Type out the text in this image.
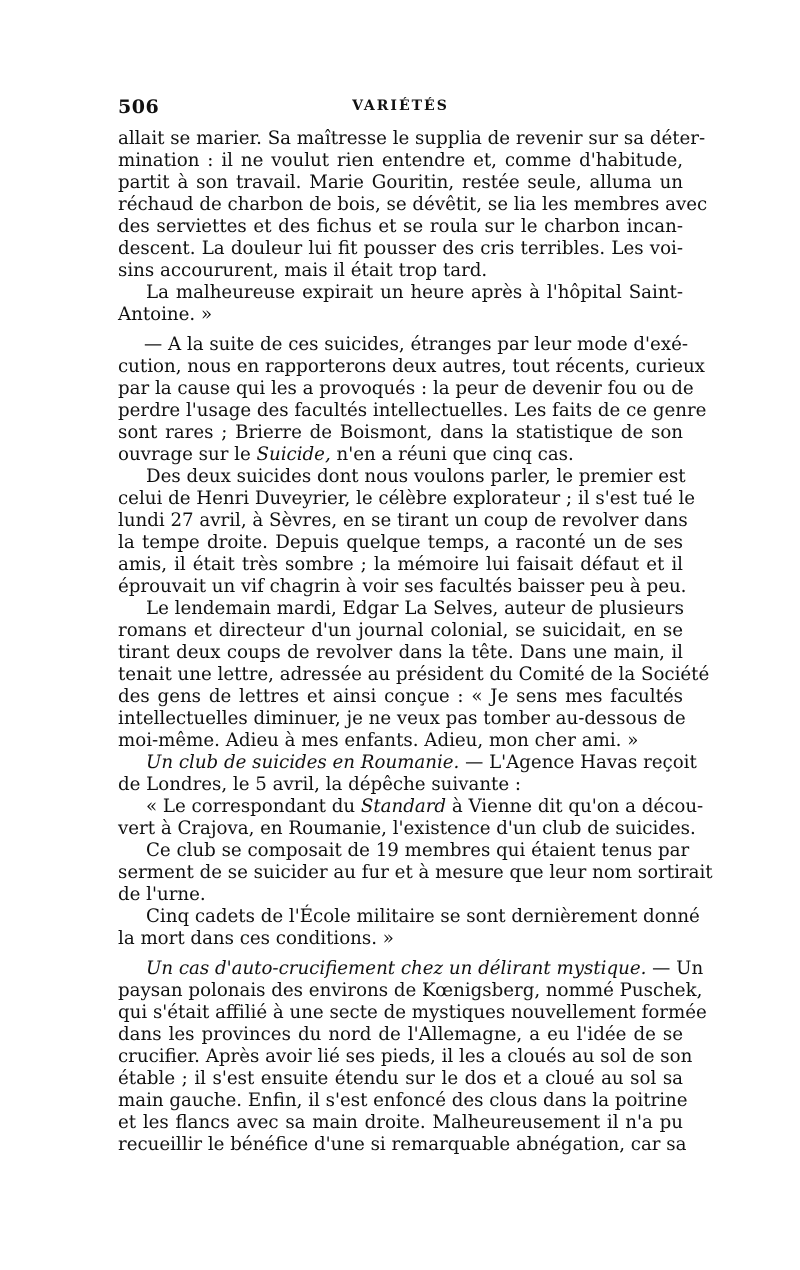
506	VARIÉTÉS
allait se marier. Sa maîtresse le supplia de revenir sur sa déter-
mination : il ne voulut rien entendre et, comme d'habitude,
partit à son travail. Marie Gouritin, restée seule, alluma un
réchaud de charbon de bois, se dévêtit, se lia les membres avec
des serviettes et des fichus et se roula sur le charbon incan-
descent. La douleur lui fit pousser des cris terribles. Les voi-
sins accoururent, mais il était trop tard.
La malheureuse expirait un heure après à l'hôpital Saint-
Antoine. »
— A la suite de ces suicides, étranges par leur mode d'exé-
cution, nous en rapporterons deux autres, tout récents, curieux
par la cause qui les a provoqués : la peur de devenir fou ou de
perdre l'usage des facultés intellectuelles. Les faits de ce genre
sont rares ; Brierre de Boismont, dans la statistique de son
ouvrage sur le Suicide, n'en a réuni que cinq cas.
Des deux suicides dont nous voulons parler, le premier est
celui de Henri Duveyrier, le célèbre explorateur ; il s'est tué le
lundi 27 avril, à Sèvres, en se tirant un coup de revolver dans
la tempe droite. Depuis quelque temps, a raconté un de ses
amis, il était très sombre ; la mémoire lui faisait défaut et il
éprouvait un vif chagrin à voir ses facultés baisser peu à peu.
Le lendemain mardi, Edgar La Selves, auteur de plusieurs
romans et directeur d'un journal colonial, se suicidait, en se
tirant deux coups de revolver dans la tête. Dans une main, il
tenait une lettre, adressée au président du Comité de la Société
des gens de lettres et ainsi conçue : « Je sens mes facultés
intellectuelles diminuer, je ne veux pas tomber au-dessous de
moi-même. Adieu à mes enfants. Adieu, mon cher ami. »
Un club de suicides en Roumanie. — L'Agence Havas reçoit
de Londres, le 5 avril, la dépêche suivante :
« Le correspondant du Standard à Vienne dit qu'on a décou-
vert à Crajova, en Roumanie, l'existence d'un club de suicides.
Ce club se composait de 19 membres qui étaient tenus par
serment de se suicider au fur et à mesure que leur nom sortirait
de l'urne.
Cinq cadets de l'École militaire se sont dernièrement donné
la mort dans ces conditions. »
Un cas d'auto-crucifiement chez un délirant mystique. — Un
paysan polonais des environs de Kœnigsberg, nommé Puschek,
qui s'était affilié à une secte de mystiques nouvellement formée
dans les provinces du nord de l'Allemagne, a eu l'idée de se
crucifier. Après avoir lié ses pieds, il les a cloués au sol de son
étable ; il s'est ensuite étendu sur le dos et a cloué au sol sa
main gauche. Enfin, il s'est enfoncé des clous dans la poitrine
et les flancs avec sa main droite. Malheureusement il n'a pu
recueillir le bénéfice d'une si remarquable abnégation, car sa
